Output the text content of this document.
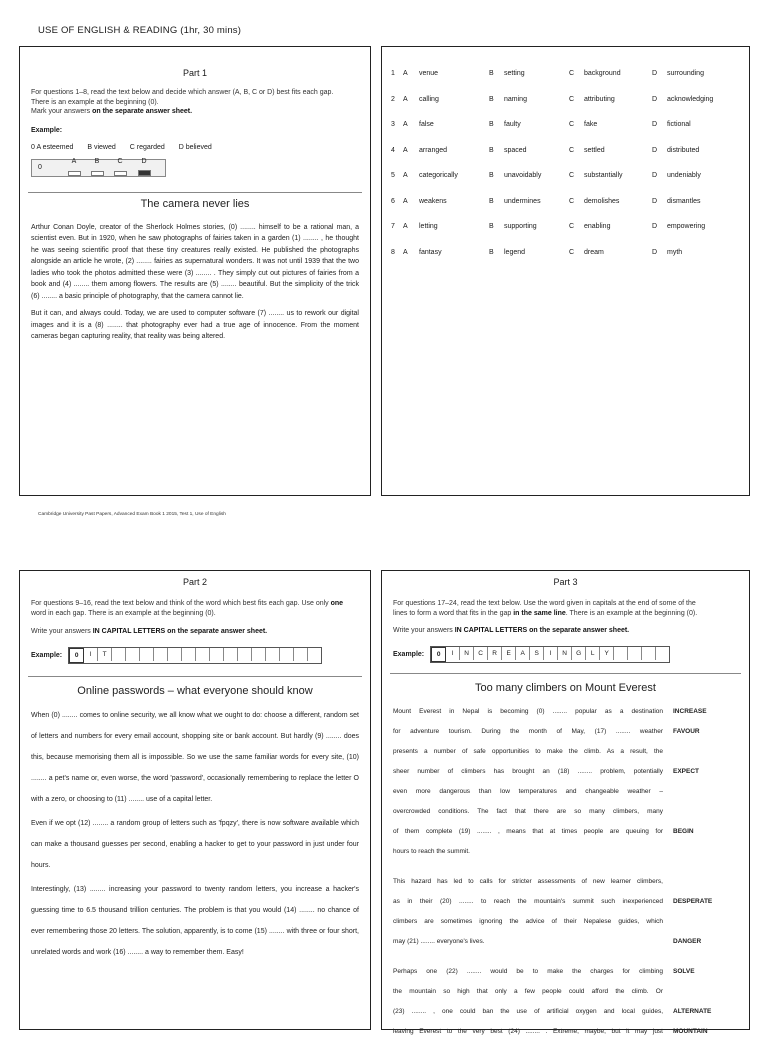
USE OF ENGLISH & READING (1hr, 30 mins)
Part 1
For questions 1–8, read the text below and decide which answer (A, B, C or D) best fits each gap.
There is an example at the beginning (0).
Mark your answers on the separate answer sheet.
Example:
0 A esteemed B viewed C regarded D believed
0
A	B	C	D
The camera never lies

Arthur Conan Doyle, creator of the Sherlock Holmes stories, (0) ........ himself to be a rational man, a scientist even. But in 1920, when he saw photographs of fairies taken in a garden (1) ........ , he thought he was seeing scientific proof that these tiny creatures really existed. He published the photographs alongside an article he wrote, (2) ........ fairies as supernatural wonders. It was not until 1939 that the two ladies who took the photos admitted these were (3) ........ . They simply cut out pictures of fairies from a book and (4) ........ them among flowers. The results are (5) ........ beautiful. But the simplicity of the trick (6) ........ a basic principle of photography, that the camera cannot lie.

But it can, and always could. Today, we are used to computer software (7) ........ us to rework our digital images and it is a (8) ........ that photography ever had a true age of innocence. From the moment cameras began capturing reality, that reality was being altered.

1 A venue	B setting	C background	D surrounding
2 A calling	B naming	C attributing	D acknowledging
3 A false	B faulty	C fake	D fictional
4 A arranged	B spaced	C settled	D distributed
5 A categorically	B unavoidably	C substantially	D undeniably
6 A weakens	B undermines	C demolishes	D dismantles
7 A letting	B supporting	C enabling	D empowering
8 A fantasy	B legend	C dream	D myth
Cambridge University Past Papers, Advanced Exam Book 1 2015, Test 1, Use of English
Part 2
For questions 9–16, read the text below and think of the word which best fits each gap. Use only one word in each gap. There is an example at the beginning (0).
Write your answers IN CAPITAL LETTERS on the separate answer sheet.
Example:	0	I	T
Online passwords – what everyone should know

When (0) ........ comes to online security, we all know what we ought to do: choose a different, random set of letters and numbers for every email account, shopping site or bank account. But hardly (9) ........ does this, because memorising them all is impossible. So we use the same familiar words for every site, (10) ........ a pet's name or, even worse, the word 'password', occasionally remembering to replace the letter O with a zero, or choosing to (11) ........ use of a capital letter.

Even if we opt (12) ........ a random group of letters such as 'fpqzy', there is now software available which can make a thousand guesses per second, enabling a hacker to get to your password in just under four hours.

Interestingly, (13) ........ increasing your password to twenty random letters, you increase a hacker's guessing time to 6.5 thousand trillion centuries. The problem is that you would (14) ........ no chance of ever remembering those 20 letters. The solution, apparently, is to come (15) ........ with three or four short, unrelated words and work (16) ........ a way to remember them. Easy!

Part 3
For questions 17–24, read the text below. Use the word given in capitals at the end of some of the
lines to form a word that fits in the gap in the same line. There is an example at the beginning (0).
Write your answers IN CAPITAL LETTERS on the separate answer sheet.
Example:	0	I	N	C	R	E	A	S	I	N	G	L	Y
Too many climbers on Mount Everest
Mount Everest in Nepal is becoming (0) ........ popular as a destination	INCREASE
for adventure tourism. During the month of May, (17) ........ weather	FAVOUR
presents a number of safe opportunities to make the climb. As a result, the
sheer number of climbers has brought an (18) ........ problem, potentially	EXPECT
even more dangerous than low temperatures and changeable weather –
overcrowded conditions. The fact that there are so many climbers, many
of them complete (19) ........ , means that at times people are queuing for	BEGIN
hours to reach the summit.
This hazard has led to calls for stricter assessments of new learner climbers,
as in their (20) ........ to reach the mountain's summit such inexperienced	DESPERATE
climbers are sometimes ignoring the advice of their Nepalese guides, which
may (21) ........ everyone's lives.	DANGER
Perhaps one (22) ........ would be to make the charges for climbing	SOLVE
the mountain so high that only a few people could afford the climb. Or
(23) ........ , one could ban the use of artificial oxygen and local guides,	ALTERNATE
leaving Everest to the very best (24) ........ . Extreme, maybe, but it may just	MOUNTAIN
